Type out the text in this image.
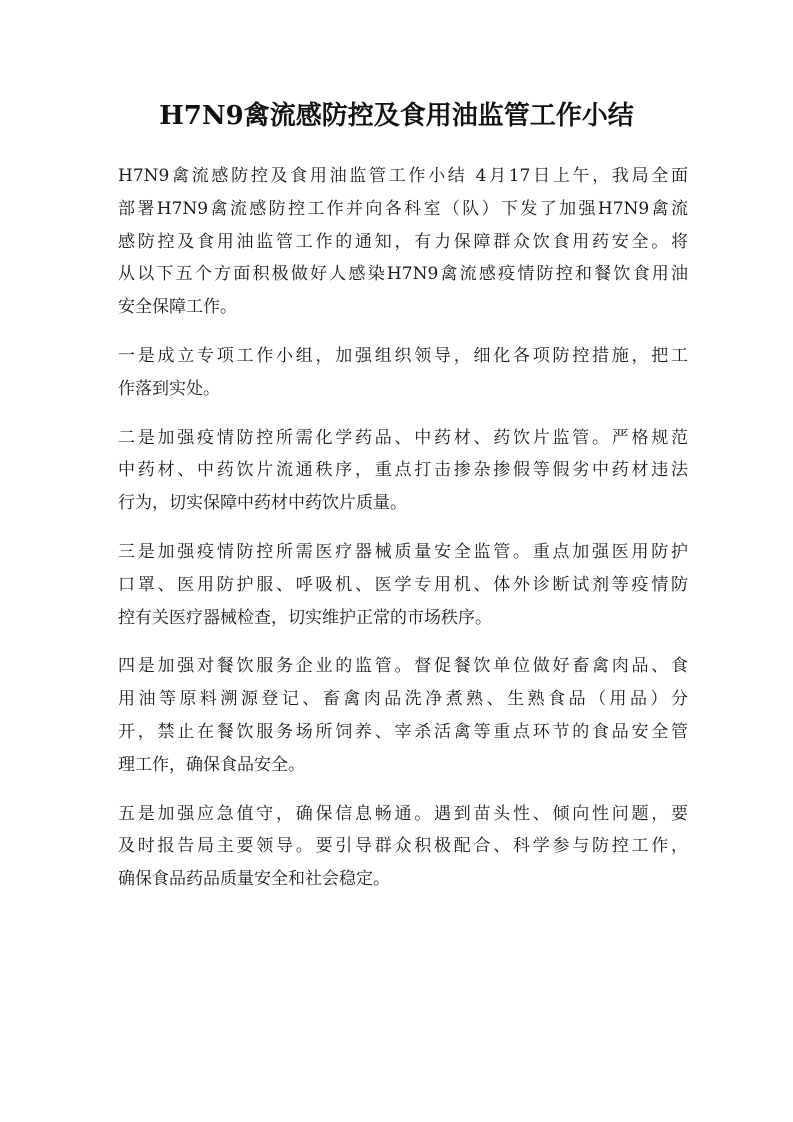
H7N9禽流感防控及食用油监管工作小结
H7N9禽流感防控及食用油监管工作小结 4月17日上午，我局全面
部署H7N9禽流感防控工作并向各科室（队）下发了加强H7N9禽流
感防控及食用油监管工作的通知，有力保障群众饮食用药安全。将
从以下五个方面积极做好人感染H7N9禽流感疫情防控和餐饮食用油
安全保障工作。
一是成立专项工作小组，加强组织领导，细化各项防控措施，把工
作落到实处。
二是加强疫情防控所需化学药品、中药材、药饮片监管。严格规范
中药材、中药饮片流通秩序，重点打击掺杂掺假等假劣中药材违法
行为，切实保障中药材中药饮片质量。
三是加强疫情防控所需医疗器械质量安全监管。重点加强医用防护
口罩、医用防护服、呼吸机、医学专用机、体外诊断试剂等疫情防
控有关医疗器械检查，切实维护正常的市场秩序。
四是加强对餐饮服务企业的监管。督促餐饮单位做好畜禽肉品、食
用油等原料溯源登记、畜禽肉品洗净煮熟、生熟食品（用品）分
开，禁止在餐饮服务场所饲养、宰杀活禽等重点环节的食品安全管
理工作，确保食品安全。
五是加强应急值守，确保信息畅通。遇到苗头性、倾向性问题，要
及时报告局主要领导。要引导群众积极配合、科学参与防控工作，
确保食品药品质量安全和社会稳定。
